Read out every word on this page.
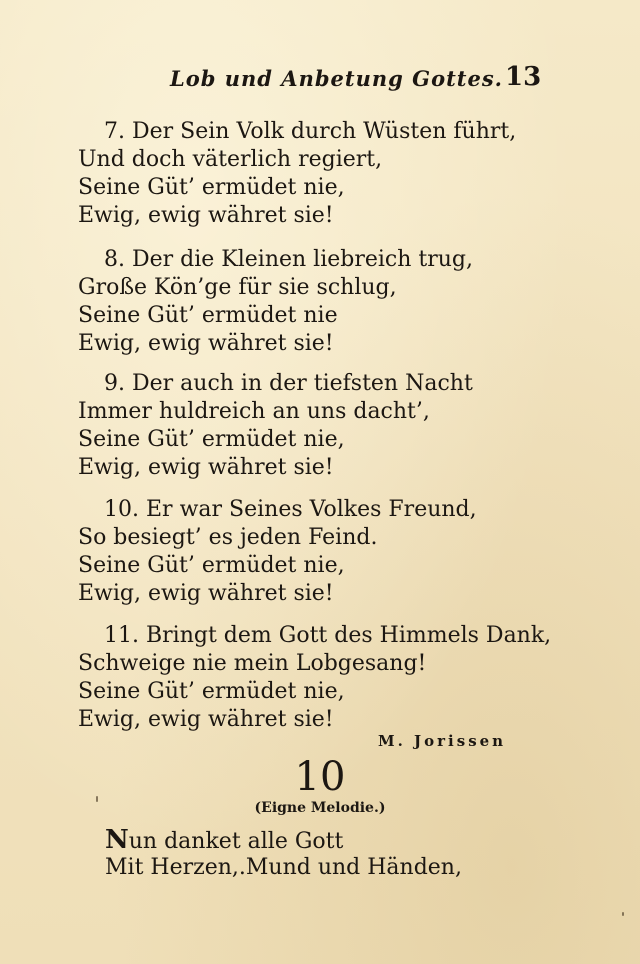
Lob und Anbetung Gottes. 13
7. Der Sein Volk durch Wüsten führt,
Und doch väterlich regiert,
Seine Güt’ ermüdet nie,
Ewig, ewig währet sie!
8. Der die Kleinen liebreich trug,
Große Kön’ge für sie schlug,
Seine Güt’ ermüdet nie
Ewig, ewig währet sie!
9. Der auch in der tiefsten Nacht
Immer huldreich an uns dacht’,
Seine Güt’ ermüdet nie,
Ewig, ewig währet sie!
10. Er war Seines Volkes Freund,
So besiegt’ es jeden Feind.
Seine Güt’ ermüdet nie,
Ewig, ewig währet sie!
11. Bringt dem Gott des Himmels Dank,
Schweige nie mein Lobgesang!
Seine Güt’ ermüdet nie,
Ewig, ewig währet sie!
M. Jorissen
10
(Eigne Melodie.)
Nun danket alle Gott
Mit Herzen,.Mund und Händen,
